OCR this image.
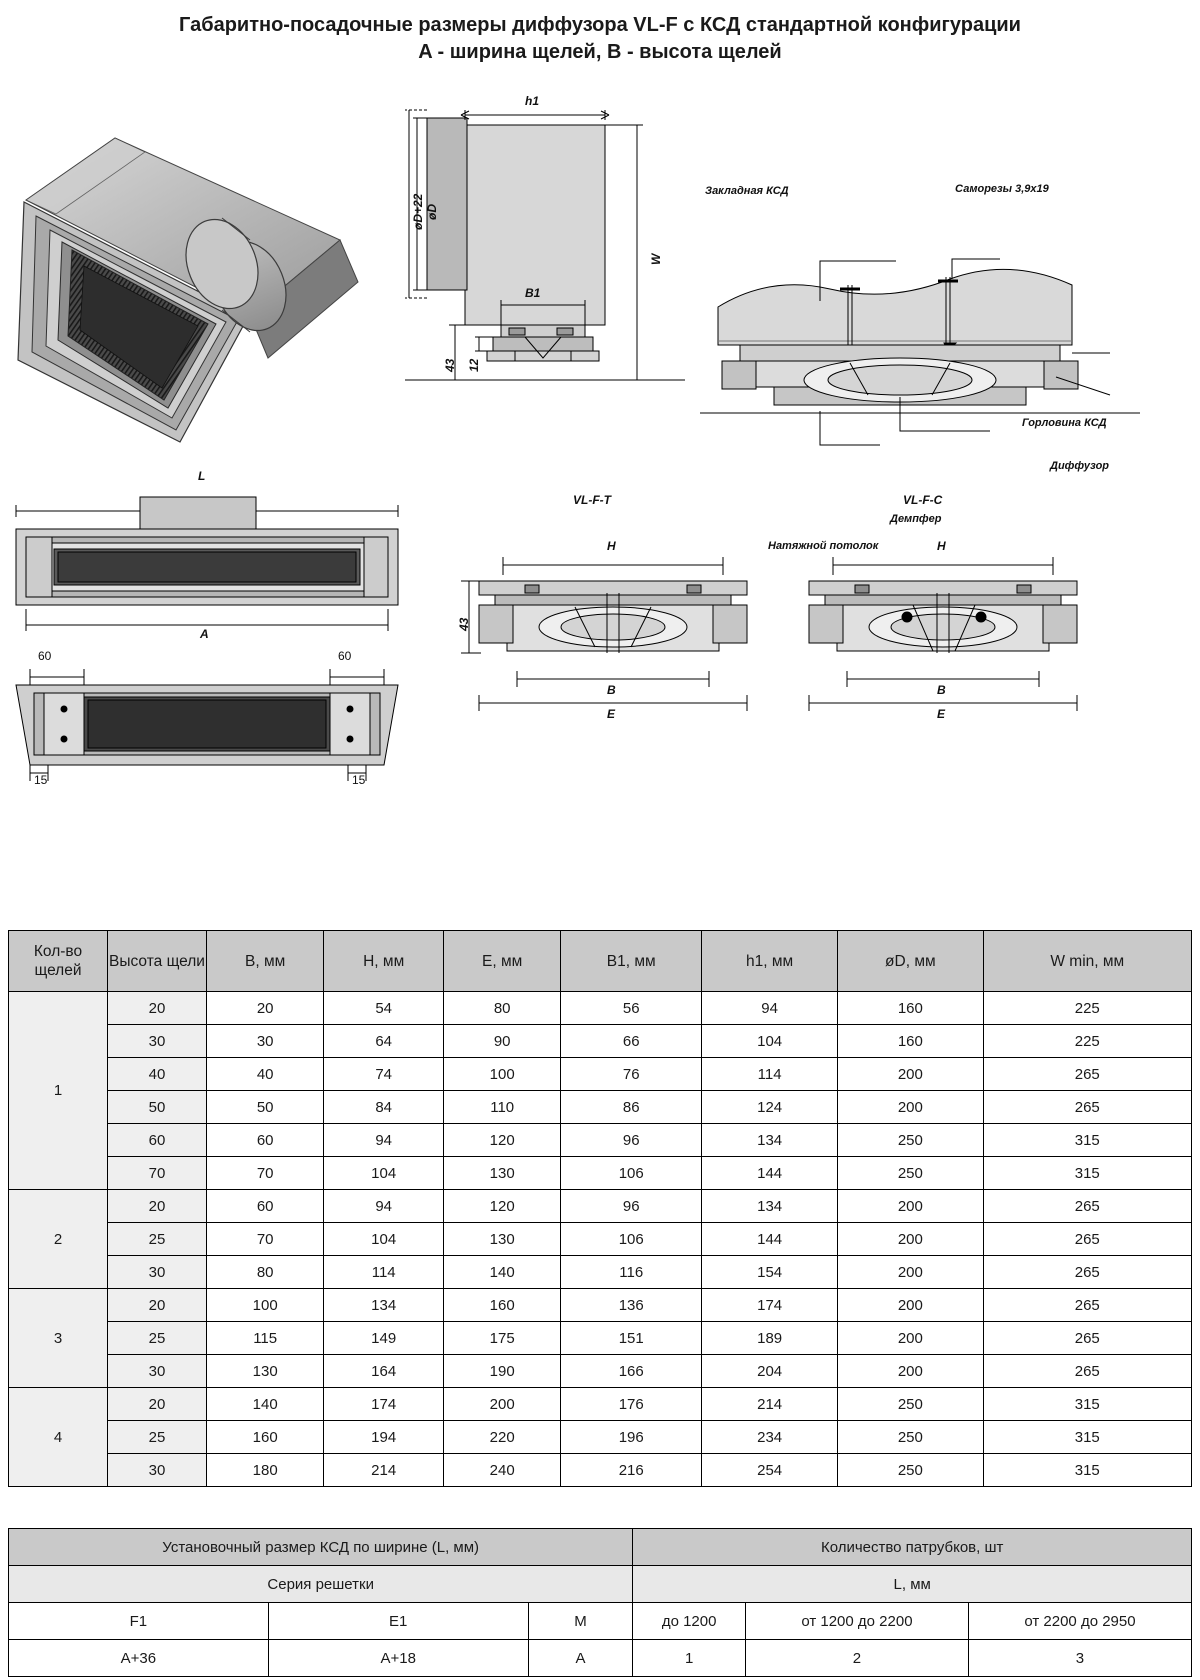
Габаритно-посадочные размеры диффузора VL-F с КСД стандартной конфигурации
A - ширина щелей, B - высота щелей
h1
W
B1
øD+22 øD
43 12
Закладная КСД	Саморезы 3,9х19
Горловина КСД
Диффузор
Демпфер
Натяжной потолок
L
A
60	60
15	15
VL-F-T
H
43
B
E
VL-F-C
H
B
E
Кол-во щелей	Высота щели	B, мм	H, мм	E, мм	B1, мм	h1, мм	øD, мм	W min, мм
1	20	20	54	80	56	94	160	225
	30	30	64	90	66	104	160	225
	40	40	74	100	76	114	200	265
	50	50	84	110	86	124	200	265
	60	60	94	120	96	134	250	315
	70	70	104	130	106	144	250	315
2	20	60	94	120	96	134	200	265
	25	70	104	130	106	144	200	265
	30	80	114	140	116	154	200	265
3	20	100	134	160	136	174	200	265
	25	115	149	175	151	189	200	265
	30	130	164	190	166	204	200	265
4	20	140	174	200	176	214	250	315
	25	160	194	220	196	234	250	315
	30	180	214	240	216	254	250	315
Установочный размер КСД по ширине (L, мм)			Количество патрубков, шт		
Серия решетки			L, мм		
F1	E1	M	до 1200	от 1200 до 2200	от 2200 до 2950
A+36	A+18	A	1	2	3
